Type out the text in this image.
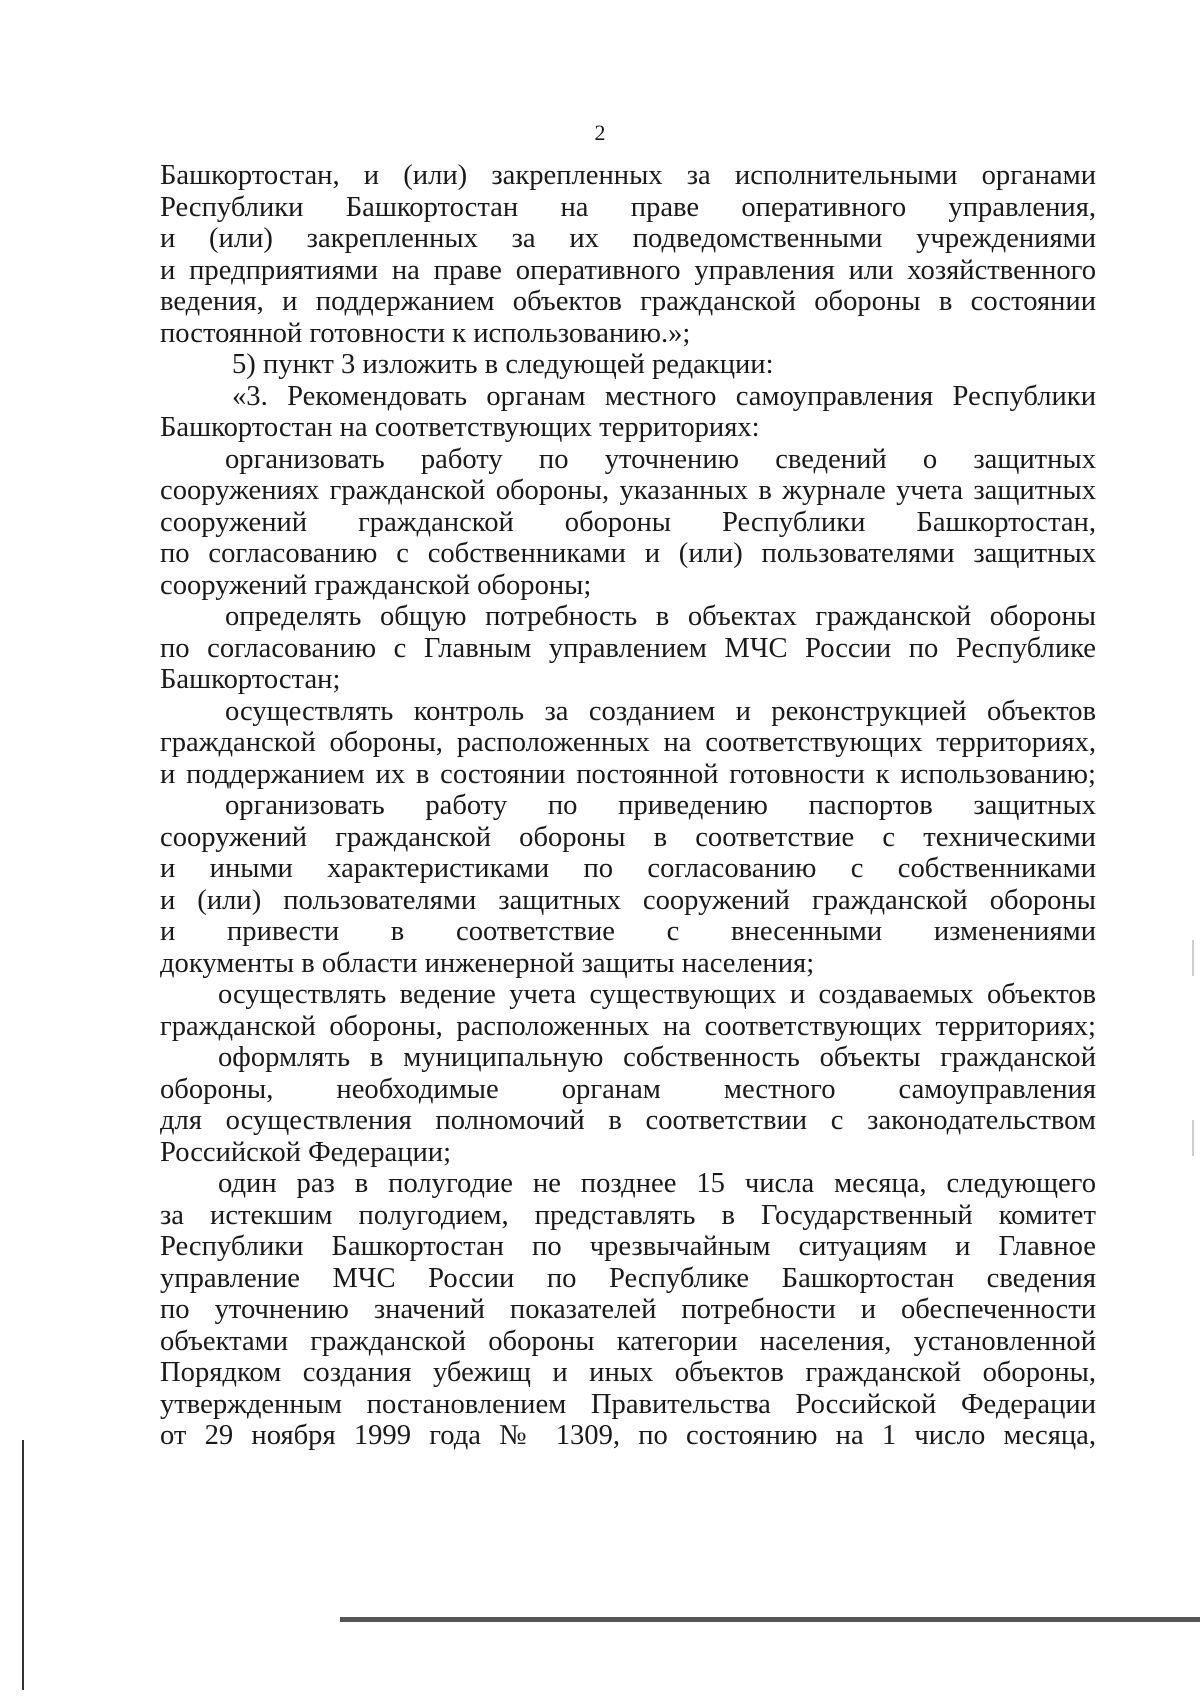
2
Башкортостан, и (или) закрепленных за исполнительными органами
Республики Башкортостан на праве оперативного управления,
и (или) закрепленных за их подведомственными учреждениями
и предприятиями на праве оперативного управления или хозяйственного
ведения, и поддержанием объектов гражданской обороны в состоянии
постоянной готовности к использованию.»;
5) пункт 3 изложить в следующей редакции:
«3. Рекомендовать органам местного самоуправления Республики
Башкортостан на соответствующих территориях:
организовать работу по уточнению сведений о защитных
сооружениях гражданской обороны, указанных в журнале учета защитных
сооружений гражданской обороны Республики Башкортостан,
по согласованию с собственниками и (или) пользователями защитных
сооружений гражданской обороны;
определять общую потребность в объектах гражданской обороны
по согласованию с Главным управлением МЧС России по Республике
Башкортостан;
осуществлять контроль за созданием и реконструкцией объектов
гражданской обороны, расположенных на соответствующих территориях,
и поддержанием их в состоянии постоянной готовности к использованию;
организовать работу по приведению паспортов защитных
сооружений гражданской обороны в соответствие с техническими
и иными характеристиками по согласованию с собственниками
и (или) пользователями защитных сооружений гражданской обороны
и привести в соответствие с внесенными изменениями
документы в области инженерной защиты населения;
осуществлять ведение учета существующих и создаваемых объектов
гражданской обороны, расположенных на соответствующих территориях;
оформлять в муниципальную собственность объекты гражданской
обороны, необходимые органам местного самоуправления
для осуществления полномочий в соответствии с законодательством
Российской Федерации;
один раз в полугодие не позднее 15 числа месяца, следующего
за истекшим полугодием, представлять в Государственный комитет
Республики Башкортостан по чрезвычайным ситуациям и Главное
управление МЧС России по Республике Башкортостан сведения
по уточнению значений показателей потребности и обеспеченности
объектами гражданской обороны категории населения, установленной
Порядком создания убежищ и иных объектов гражданской обороны,
утвержденным постановлением Правительства Российской Федерации
от 29 ноября 1999 года № 1309, по состоянию на 1 число месяца,
